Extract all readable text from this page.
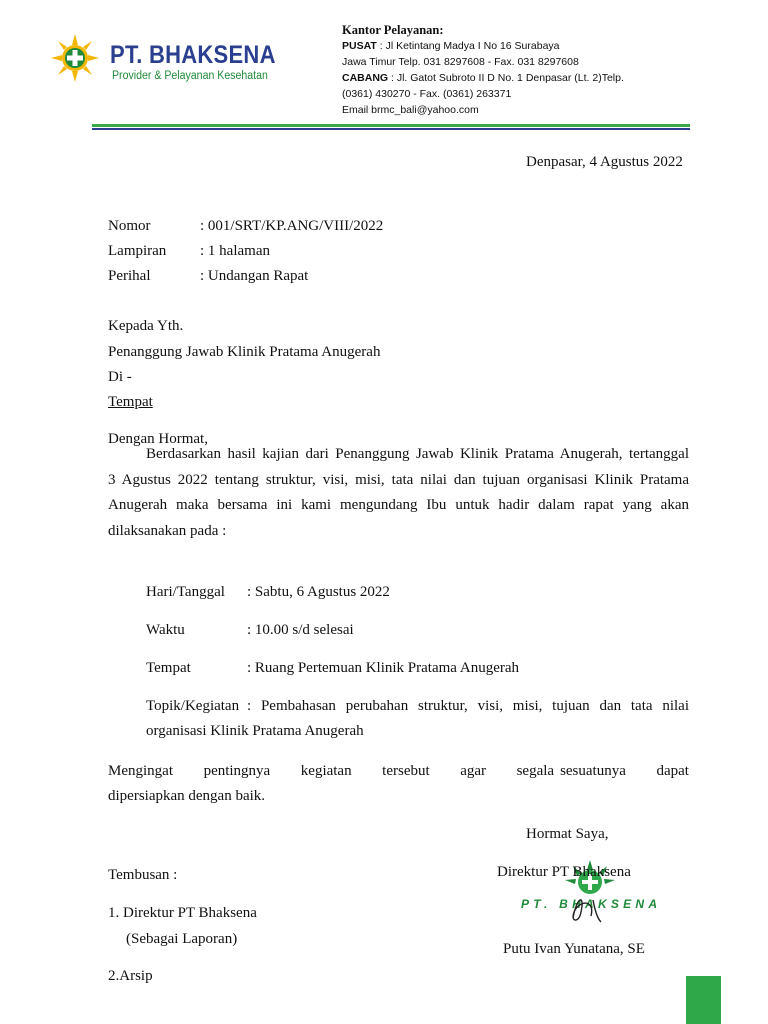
PT. BHAKSENA
Provider & Pelayanan Kesehatan
Kantor Pelayanan:
PUSAT : Jl Ketintang Madya I No 16 Surabaya
Jawa Timur Telp. 031 8297608 - Fax. 031 8297608
CABANG : Jl. Gatot Subroto II D No. 1 Denpasar (Lt. 2)Telp.
(0361) 430270 - Fax. (0361) 263371
Email brmc_bali@yahoo.com
Denpasar, 4 Agustus 2022
Nomor	: 001/SRT/KP.ANG/VIII/2022
Lampiran : 1 halaman
Perihal	: Undangan Rapat
Kepada Yth.
Penanggung Jawab Klinik Pratama Anugerah
Di -
Tempat
Dengan Hormat,
Berdasarkan hasil kajian dari Penanggung Jawab Klinik Pratama Anugerah, tertanggal
3 Agustus 2022 tentang struktur, visi, misi, tata nilai dan tujuan organisasi Klinik Pratama
Anugerah maka bersama ini kami mengundang Ibu untuk hadir dalam rapat yang akan
dilaksanakan pada :
Hari/Tanggal : Sabtu, 6 Agustus 2022
Waktu	: 10.00 s/d selesai
Tempat	: Ruang Pertemuan Klinik Pratama Anugerah
Topik/Kegiatan : Pembahasan perubahan struktur, visi, misi, tujuan dan tata nilai
organisasi Klinik Pratama Anugerah
Mengingat pentingnya kegiatan tersebut agar segala sesuatunya dapat
dipersiapkan dengan baik.
Hormat Saya,
PT. BHAKSENA
Direktur PT Bhaksena
Putu Ivan Yunatana, SE
Tembusan :
1. Direktur PT Bhaksena
(Sebagai Laporan)
2.Arsip
